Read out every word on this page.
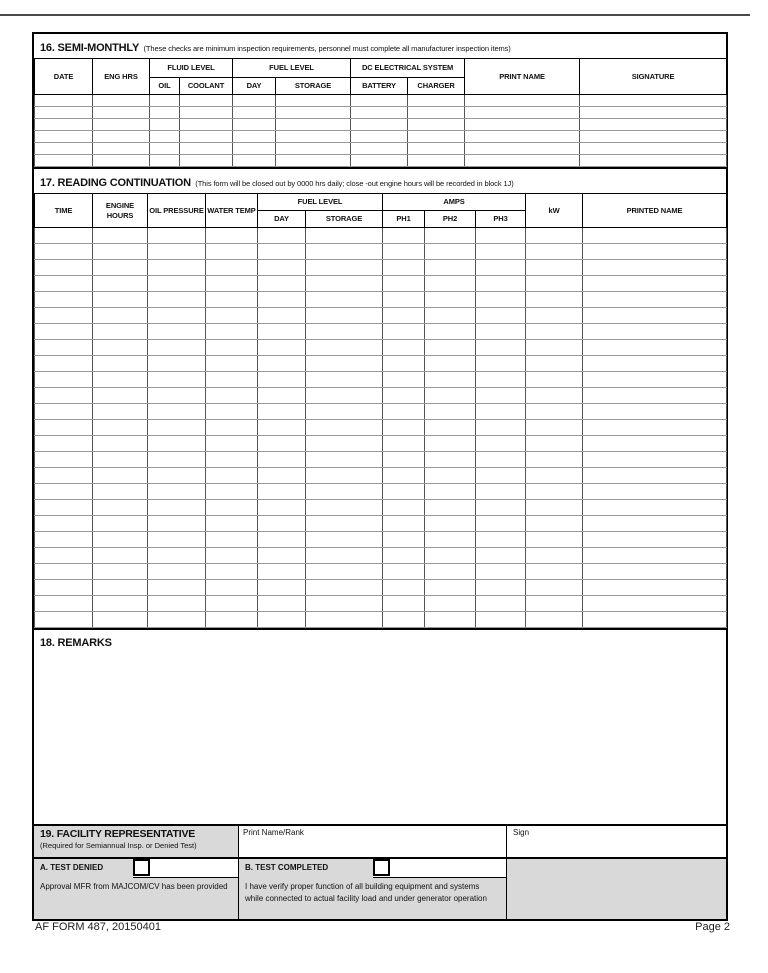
16. SEMI-MONTHLY (These checks are minimum inspection requirements, personnel must complete all manufacturer inspection items)
DATE	ENG HRS	FLUID LEVEL		FUEL LEVEL		DC ELECTRICAL SYSTEM		PRINT NAME	SIGNATURE
		OIL	COOLANT	DAY	STORAGE	BATTERY	CHARGER		

17. READING CONTINUATION (This form will be closed out by 0000 hrs daily; close -out engine hours will be recorded in block 1J)
TIME	ENGINE HOURS	OIL PRESSURE	WATER TEMP	FUEL LEVEL		AMPS			kW	PRINTED NAME
				DAY	STORAGE	PH1	PH2	PH3		

18. REMARKS
19. FACILITY REPRESENTATIVE
(Required for Semiannual Insp. or Denied Test)
Print Name/Rank	Sign
A. TEST DENIED
Approval MFR from MAJCOM/CV has been provided
B. TEST COMPLETED
I have verify proper function of all building equipment and systems while connected to actual facility load and under generator operation
AF FORM 487, 20150401	Page 2
